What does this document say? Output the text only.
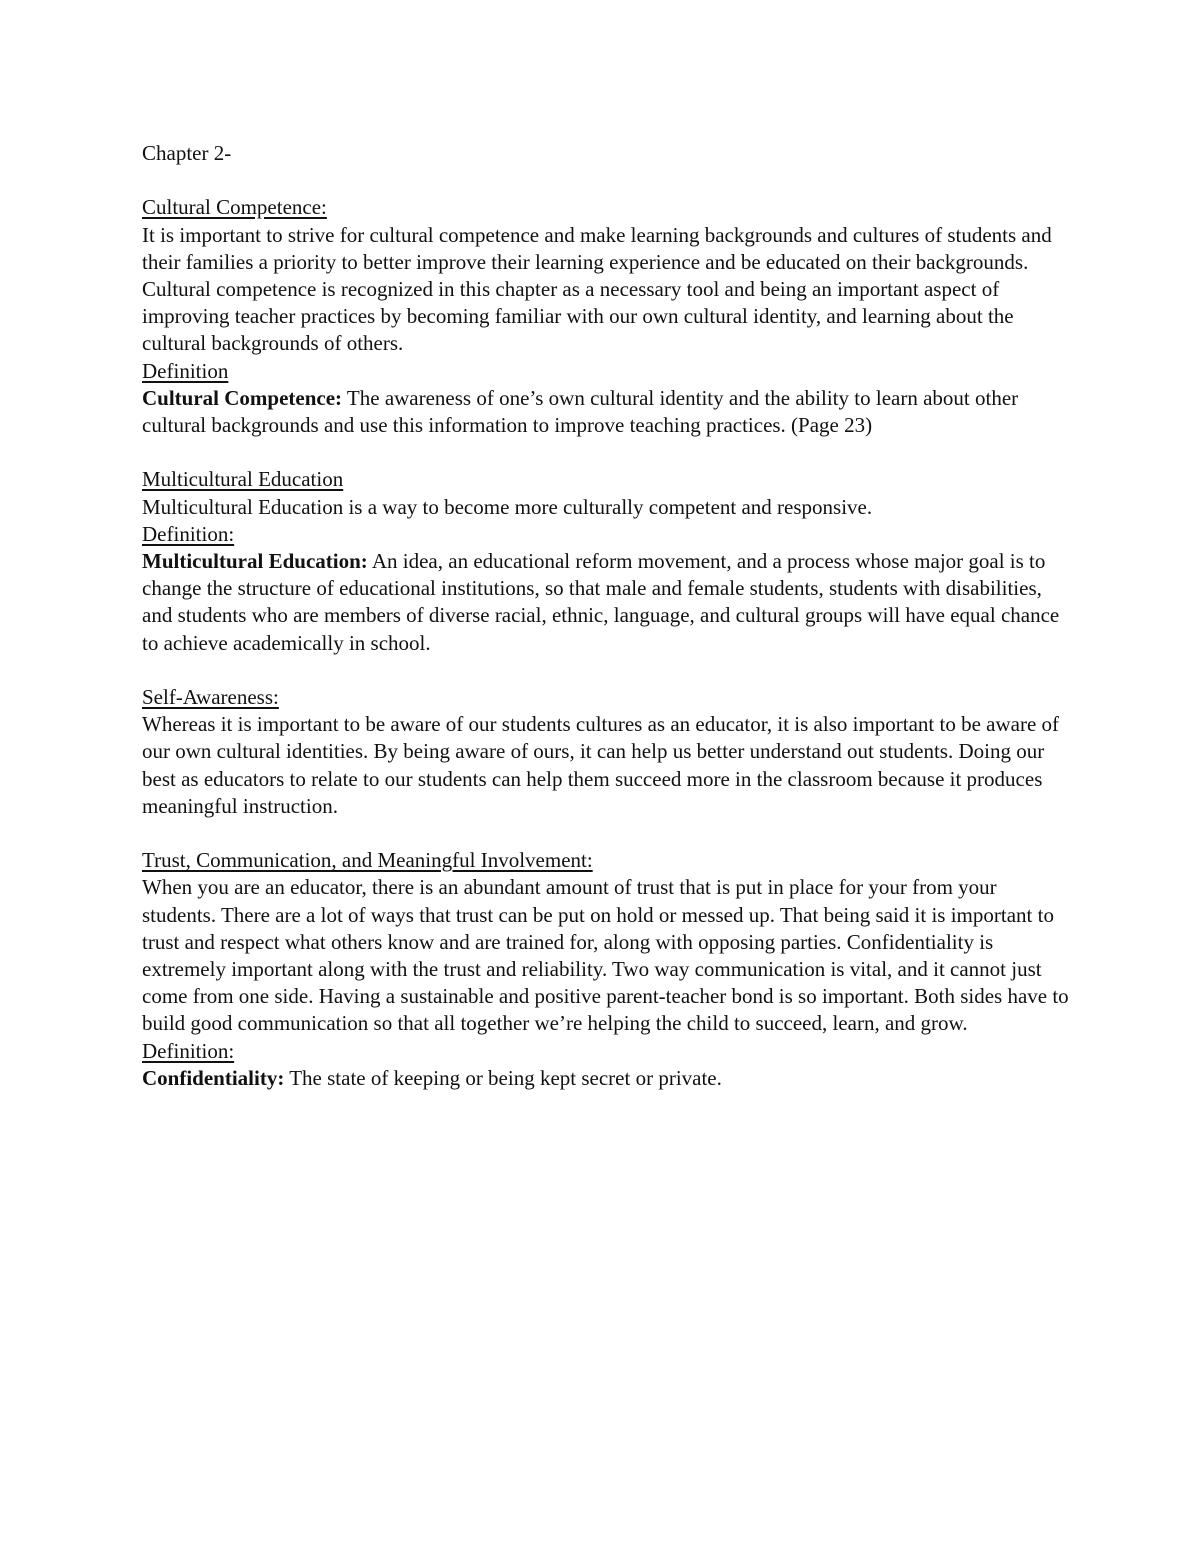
Chapter 2-

Cultural Competence:

It is important to strive for cultural competence and make learning backgrounds and cultures of students and their families a priority to better improve their learning experience and be educated on their backgrounds.

Cultural competence is recognized in this chapter as a necessary tool and being an important aspect of improving teacher practices by becoming familiar with our own cultural identity, and learning about the cultural backgrounds of others.

Definition

Cultural Competence: The awareness of one’s own cultural identity and the ability to learn about other cultural backgrounds and use this information to improve teaching practices. (Page 23)

Multicultural Education

Multicultural Education is a way to become more culturally competent and responsive.

Definition:

Multicultural Education: An idea, an educational reform movement, and a process whose major goal is to change the structure of educational institutions, so that male and female students, students with disabilities, and students who are members of diverse racial, ethnic, language, and cultural groups will have equal chance to achieve academically in school.

Self-Awareness:

Whereas it is important to be aware of our students cultures as an educator, it is also important to be aware of our own cultural identities. By being aware of ours, it can help us better understand out students. Doing our best as educators to relate to our students can help them succeed more in the classroom because it produces meaningful instruction.

Trust, Communication, and Meaningful Involvement:

When you are an educator, there is an abundant amount of trust that is put in place for your from your students. There are a lot of ways that trust can be put on hold or messed up. That being said it is important to trust and respect what others know and are trained for, along with opposing parties. Confidentiality is extremely important along with the trust and reliability. Two way communication is vital, and it cannot just come from one side. Having a sustainable and positive parent-teacher bond is so important. Both sides have to build good communication so that all together we’re helping the child to succeed, learn, and grow.

Definition:

Confidentiality: The state of keeping or being kept secret or private.
